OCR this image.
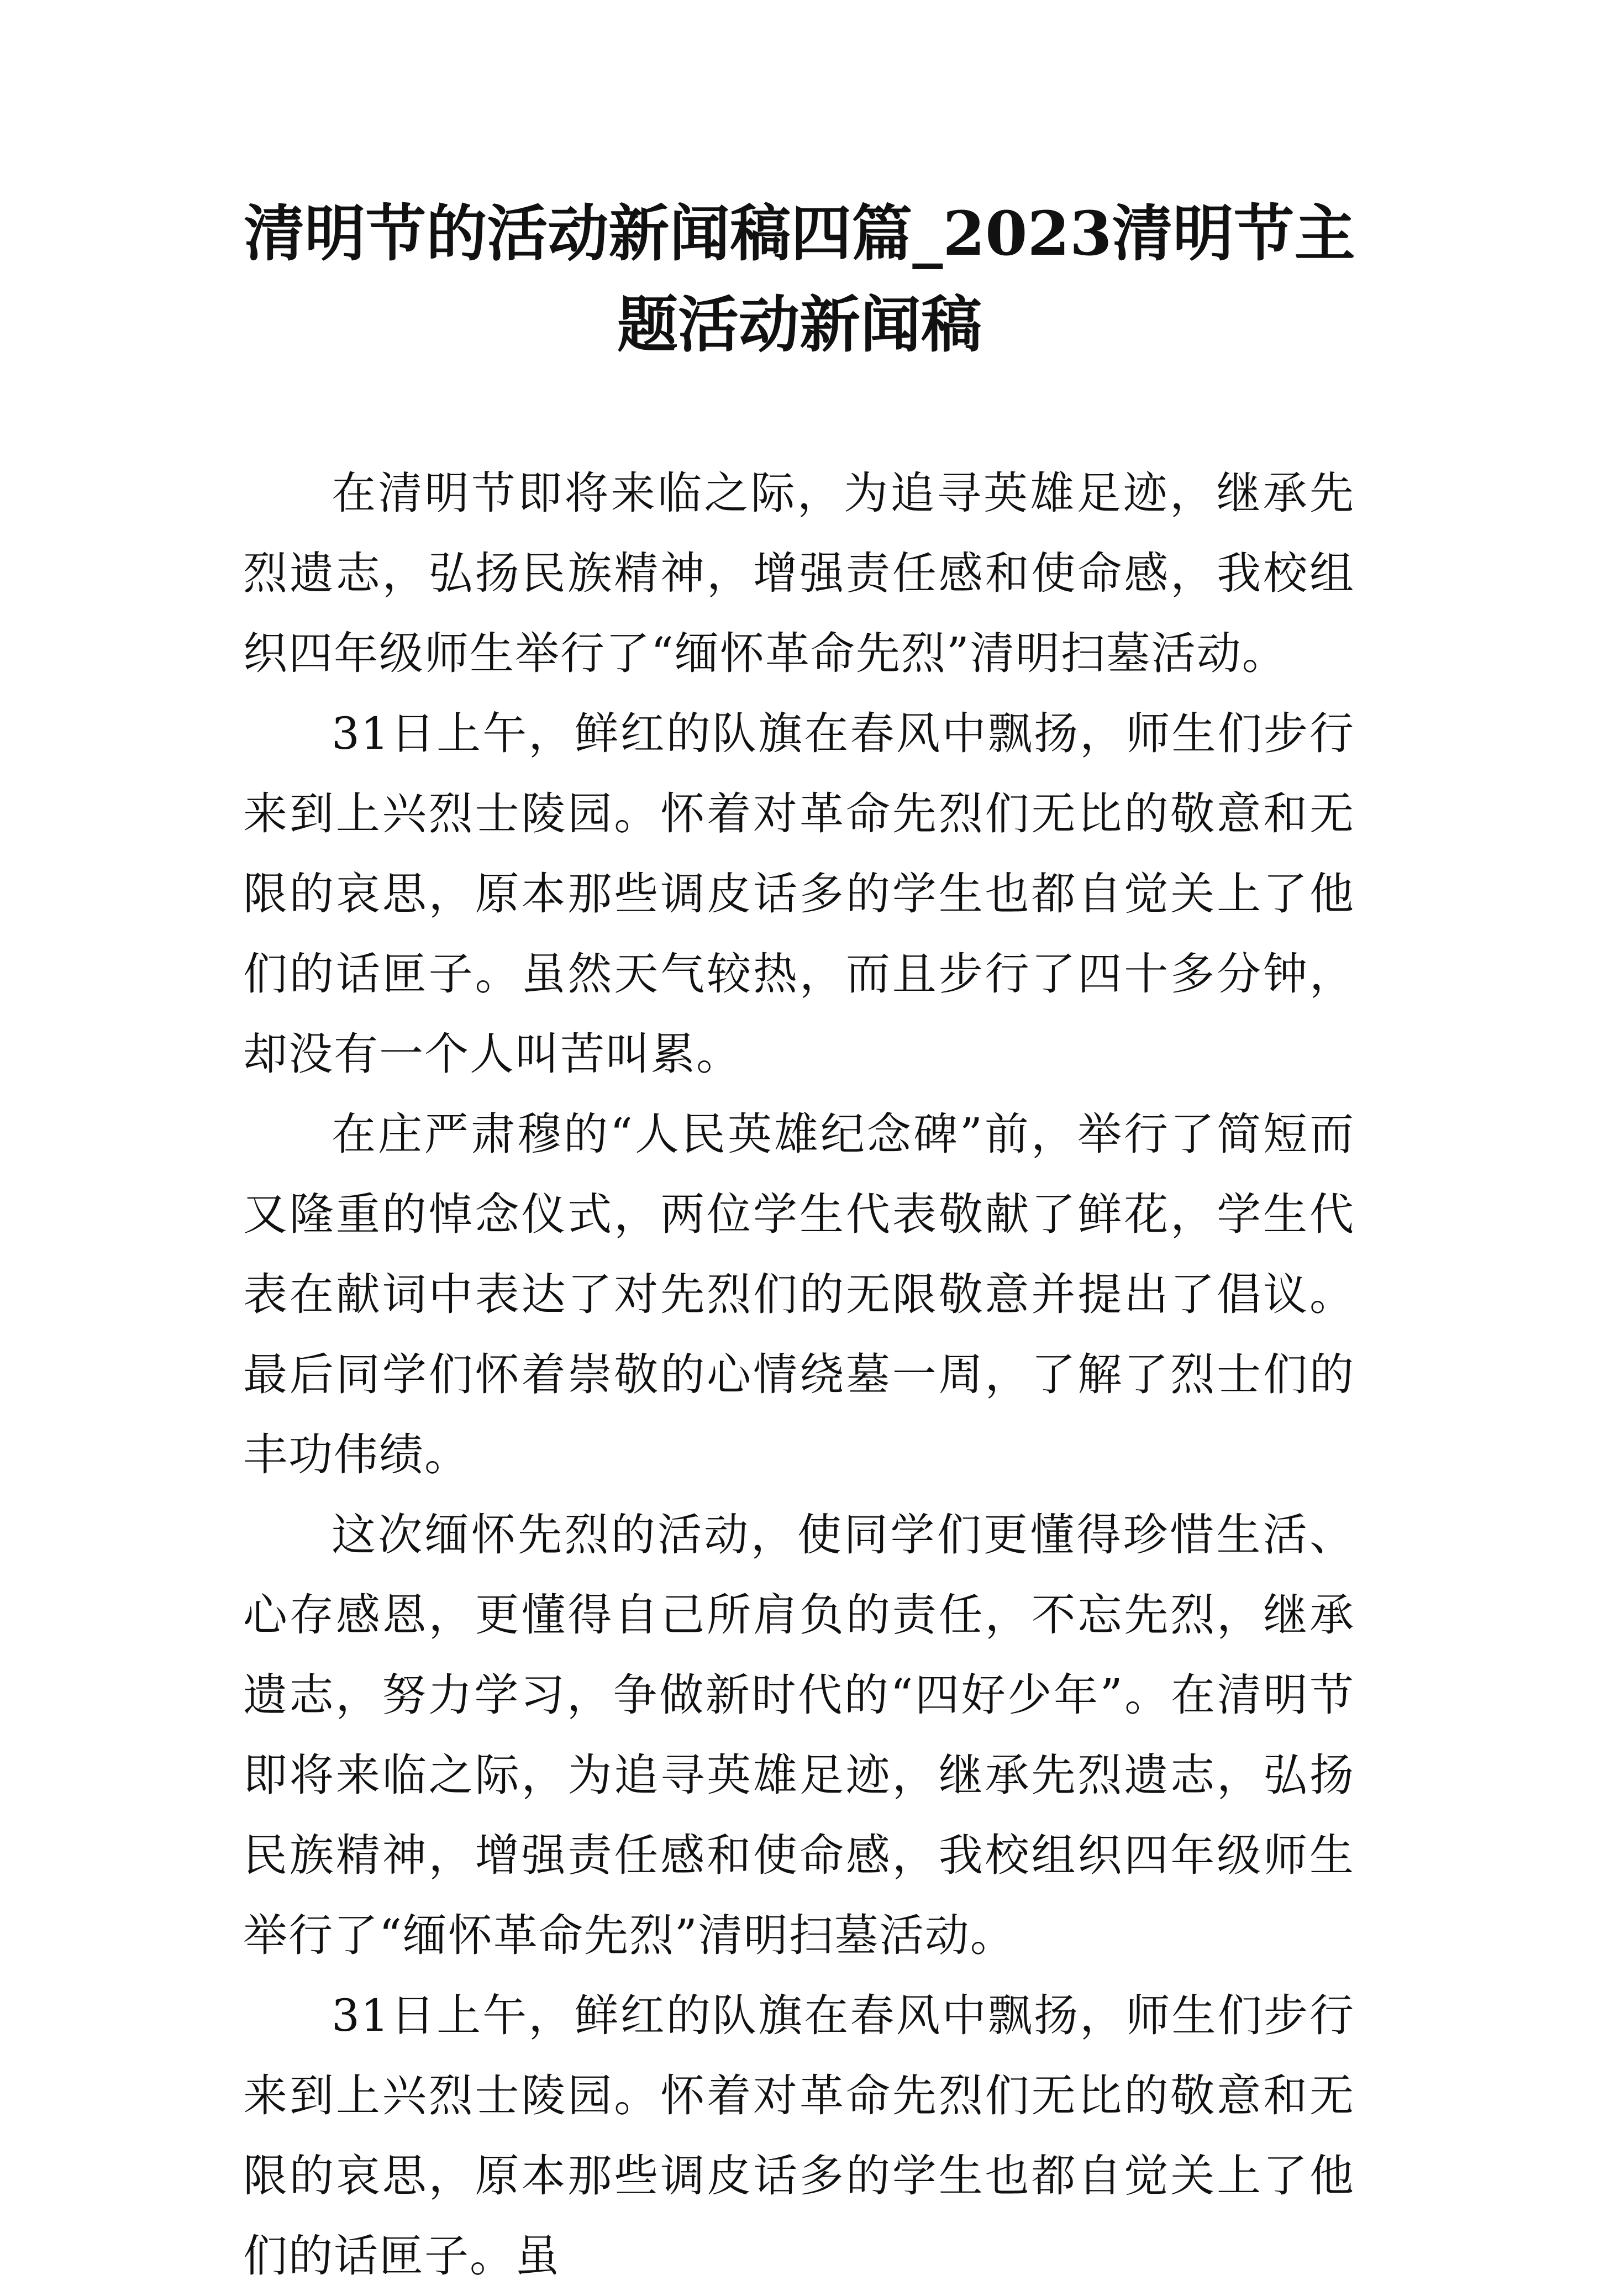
清明节的活动新闻稿四篇_2023清明节主题活动新闻稿

在清明节即将来临之际，为追寻英雄足迹，继承先烈遗志，弘扬民族精神，增强责任感和使命感，我校组织四年级师生举行了“缅怀革命先烈”清明扫墓活动。

31日上午，鲜红的队旗在春风中飘扬，师生们步行来到上兴烈士陵园。怀着对革命先烈们无比的敬意和无限的哀思，原本那些调皮话多的学生也都自觉关上了他们的话匣子。虽然天气较热，而且步行了四十多分钟，却没有一个人叫苦叫累。

在庄严肃穆的“人民英雄纪念碑”前，举行了简短而又隆重的悼念仪式，两位学生代表敬献了鲜花，学生代表在献词中表达了对先烈们的无限敬意并提出了倡议。最后同学们怀着崇敬的心情绕墓一周，了解了烈士们的丰功伟绩。

这次缅怀先烈的活动，使同学们更懂得珍惜生活、心存感恩，更懂得自己所肩负的责任，不忘先烈，继承遗志，努力学习，争做新时代的“四好少年”。在清明节即将来临之际，为追寻英雄足迹，继承先烈遗志，弘扬民族精神，增强责任感和使命感，我校组织四年级师生举行了“缅怀革命先烈”清明扫墓活动。

31日上午，鲜红的队旗在春风中飘扬，师生们步行来到上兴烈士陵园。怀着对革命先烈们无比的敬意和无限的哀思，原本那些调皮话多的学生也都自觉关上了他们的话匣子。虽
